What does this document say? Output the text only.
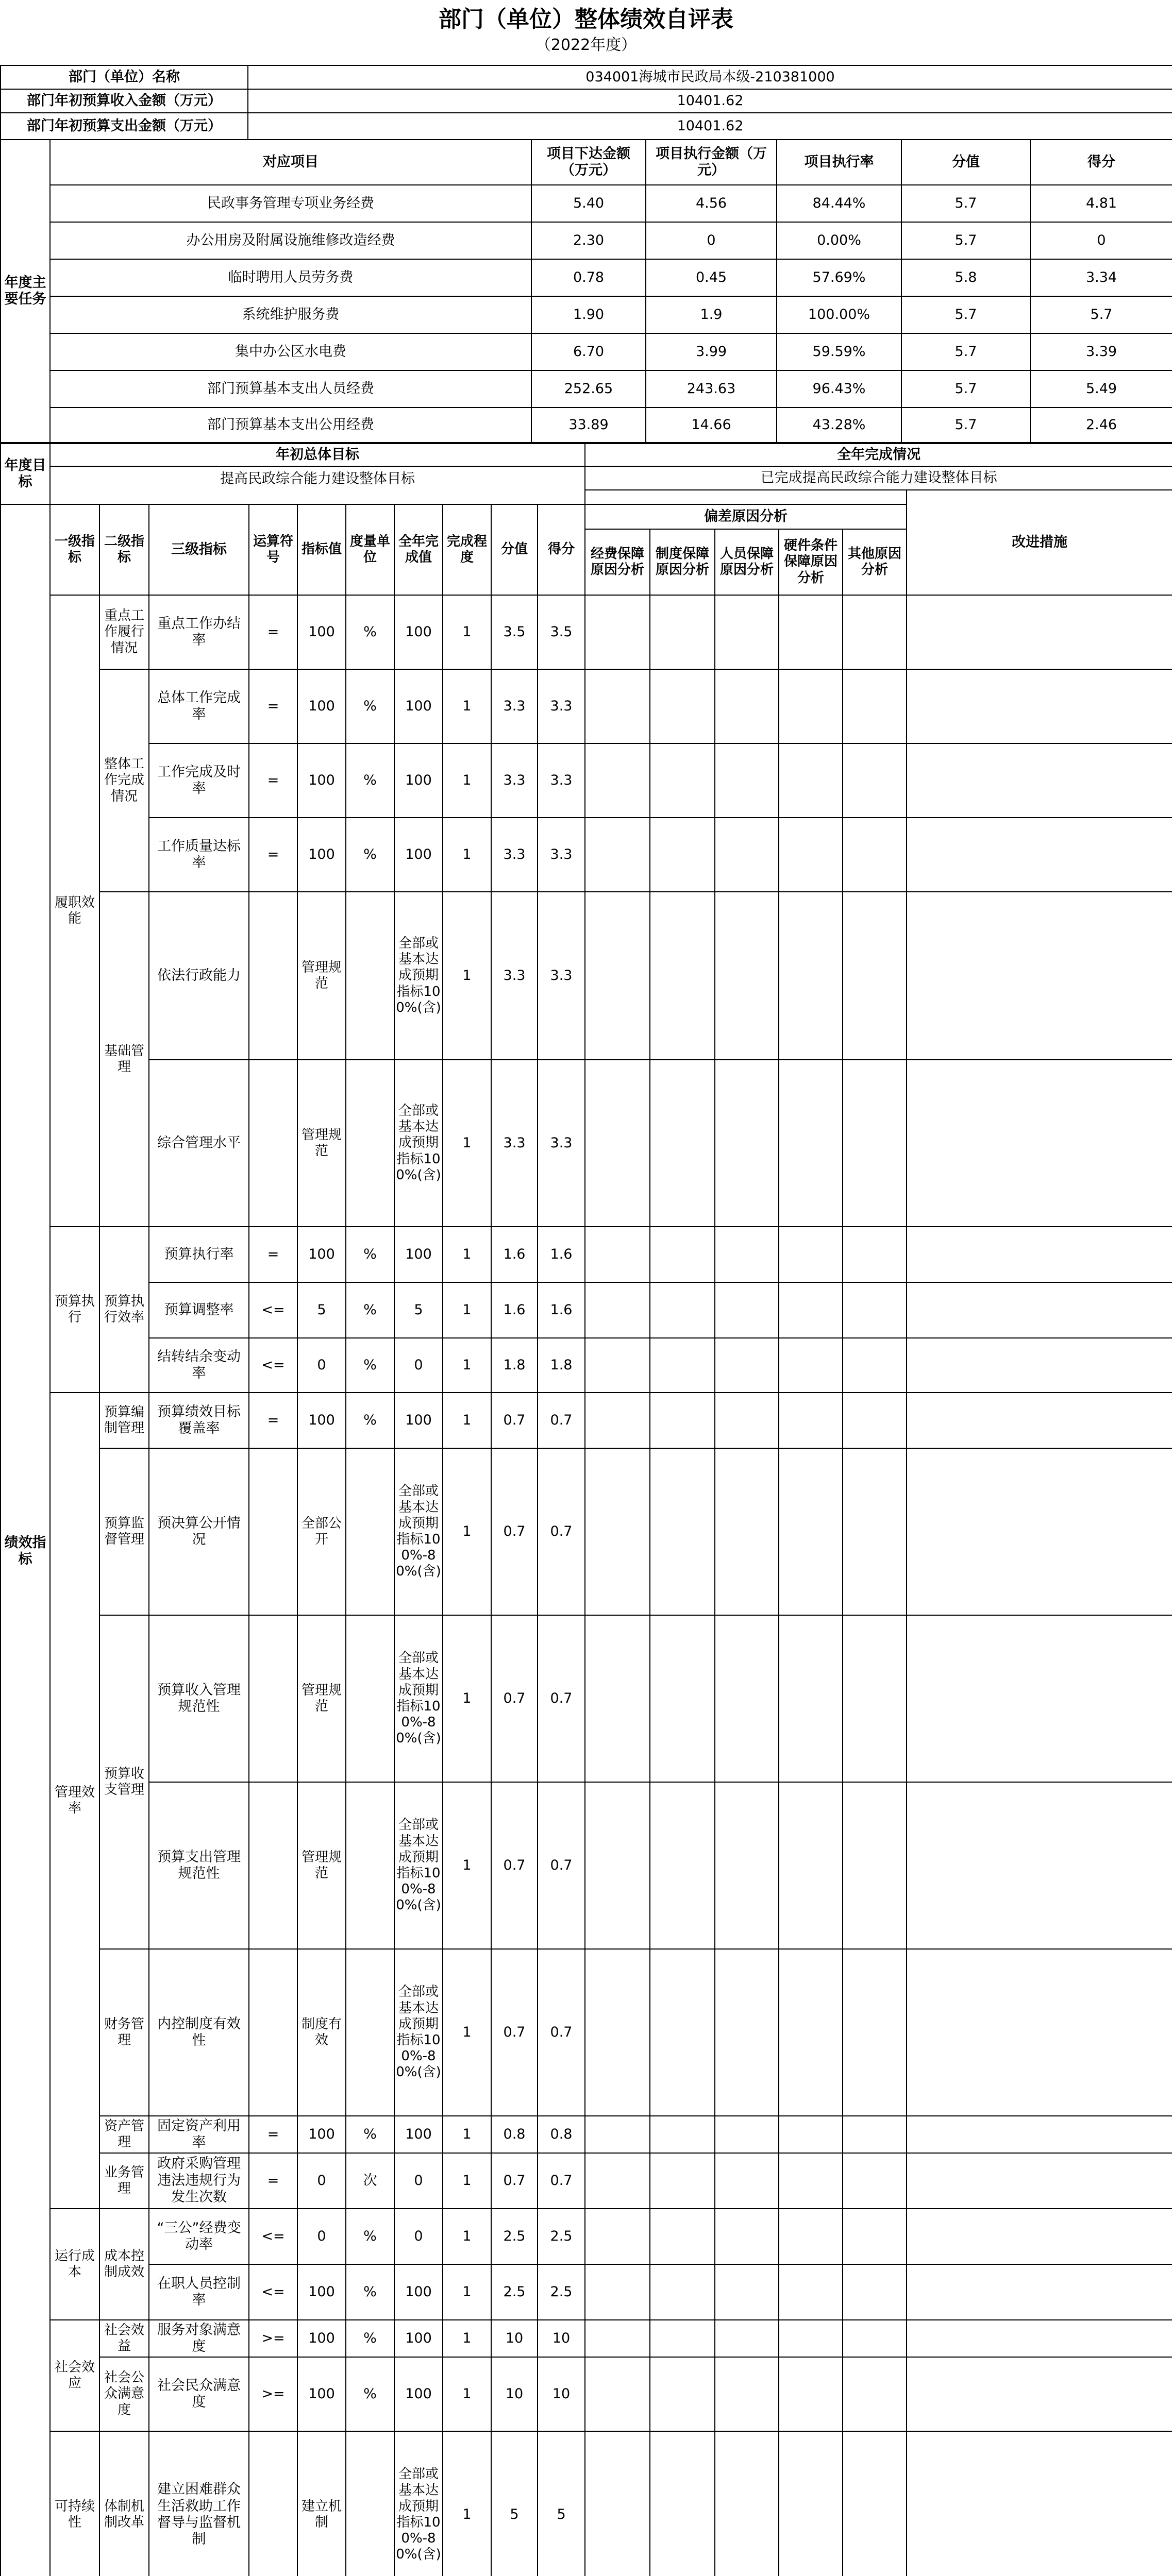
部门（单位）整体绩效自评表
（2022年度）
部门（单位）名称	034001海城市民政局本级-210381000
部门年初预算收入金额（万元）	10401.62
部门年初预算支出金额（万元）	10401.62
年度主要任务	对应项目	项目下达金额（万元）	项目执行金额（万元）	项目执行率	分值	得分
	民政事务管理专项业务经费	5.40	4.56	84.44%	5.7	4.81
	办公用房及附属设施维修改造经费	2.30	0	0.00%	5.7	0
	临时聘用人员劳务费	0.78	0.45	57.69%	5.8	3.34
	系统维护服务费	1.90	1.9	100.00%	5.7	5.7
	集中办公区水电费	6.70	3.99	59.59%	5.7	3.39
	部门预算基本支出人员经费	252.65	243.63	96.43%	5.7	5.49
	部门预算基本支出公用经费	33.89	14.66	43.28%	5.7	2.46
年度目标	年初总体目标										全年完成情况					
	提高民政综合能力建设整体目标										已完成提高民政综合能力建设整体目标					
																改进措施
绩效指标	一级指标	二级指标	三级指标	运算符号	指标值	度量单位	全年完成值	完成程度	分值	得分	偏差原因分析					
											经费保障原因分析	制度保障原因分析	人员保障原因分析	硬件条件保障原因分析	其他原因分析	
	履职效能	重点工作履行情况	重点工作办结率	=	100	%	100	1	3.5	3.5						
		整体工作完成情况	总体工作完成率	=	100	%	100	1	3.3	3.3						
			工作完成及时率	=	100	%	100	1	3.3	3.3						
			工作质量达标率	=	100	%	100	1	3.3	3.3						
		基础管理	依法行政能力		管理规范		全部或基本达成预期指标100%(含)	1	3.3	3.3						
			综合管理水平		管理规范		全部或基本达成预期指标100%(含)	1	3.3	3.3						
	预算执行	预算执行效率	预算执行率	=	100	%	100	1	1.6	1.6						
			预算调整率	<=	5	%	5	1	1.6	1.6						
			结转结余变动率	<=	0	%	0	1	1.8	1.8						
	管理效率	预算编制管理	预算绩效目标覆盖率	=	100	%	100	1	0.7	0.7						
		预算监督管理	预决算公开情况		全部公开		全部或基本达成预期指标100%-80%(含)	1	0.7	0.7						
		预算收支管理	预算收入管理规范性		管理规范		全部或基本达成预期指标100%-80%(含)	1	0.7	0.7						
			预算支出管理规范性		管理规范		全部或基本达成预期指标100%-80%(含)	1	0.7	0.7						
		财务管理	内控制度有效性		制度有效		全部或基本达成预期指标100%-80%(含)	1	0.7	0.7						
		资产管理	固定资产利用率	=	100	%	100	1	0.8	0.8						
		业务管理	政府采购管理违法违规行为发生次数	=	0	次	0	1	0.7	0.7						
	运行成本	成本控制成效	“三公”经费变动率	<=	0	%	0	1	2.5	2.5						
			在职人员控制率	<=	100	%	100	1	2.5	2.5						
	社会效应	社会效益	服务对象满意度	>=	100	%	100	1	10	10						
		社会公众满意度	社会民众满意度	>=	100	%	100	1	10	10						
	可持续性	体制机制改革	建立困难群众生活救助工作督导与监督机制		建立机制		全部或基本达成预期指标100%-80%(含)	1	5	5						
